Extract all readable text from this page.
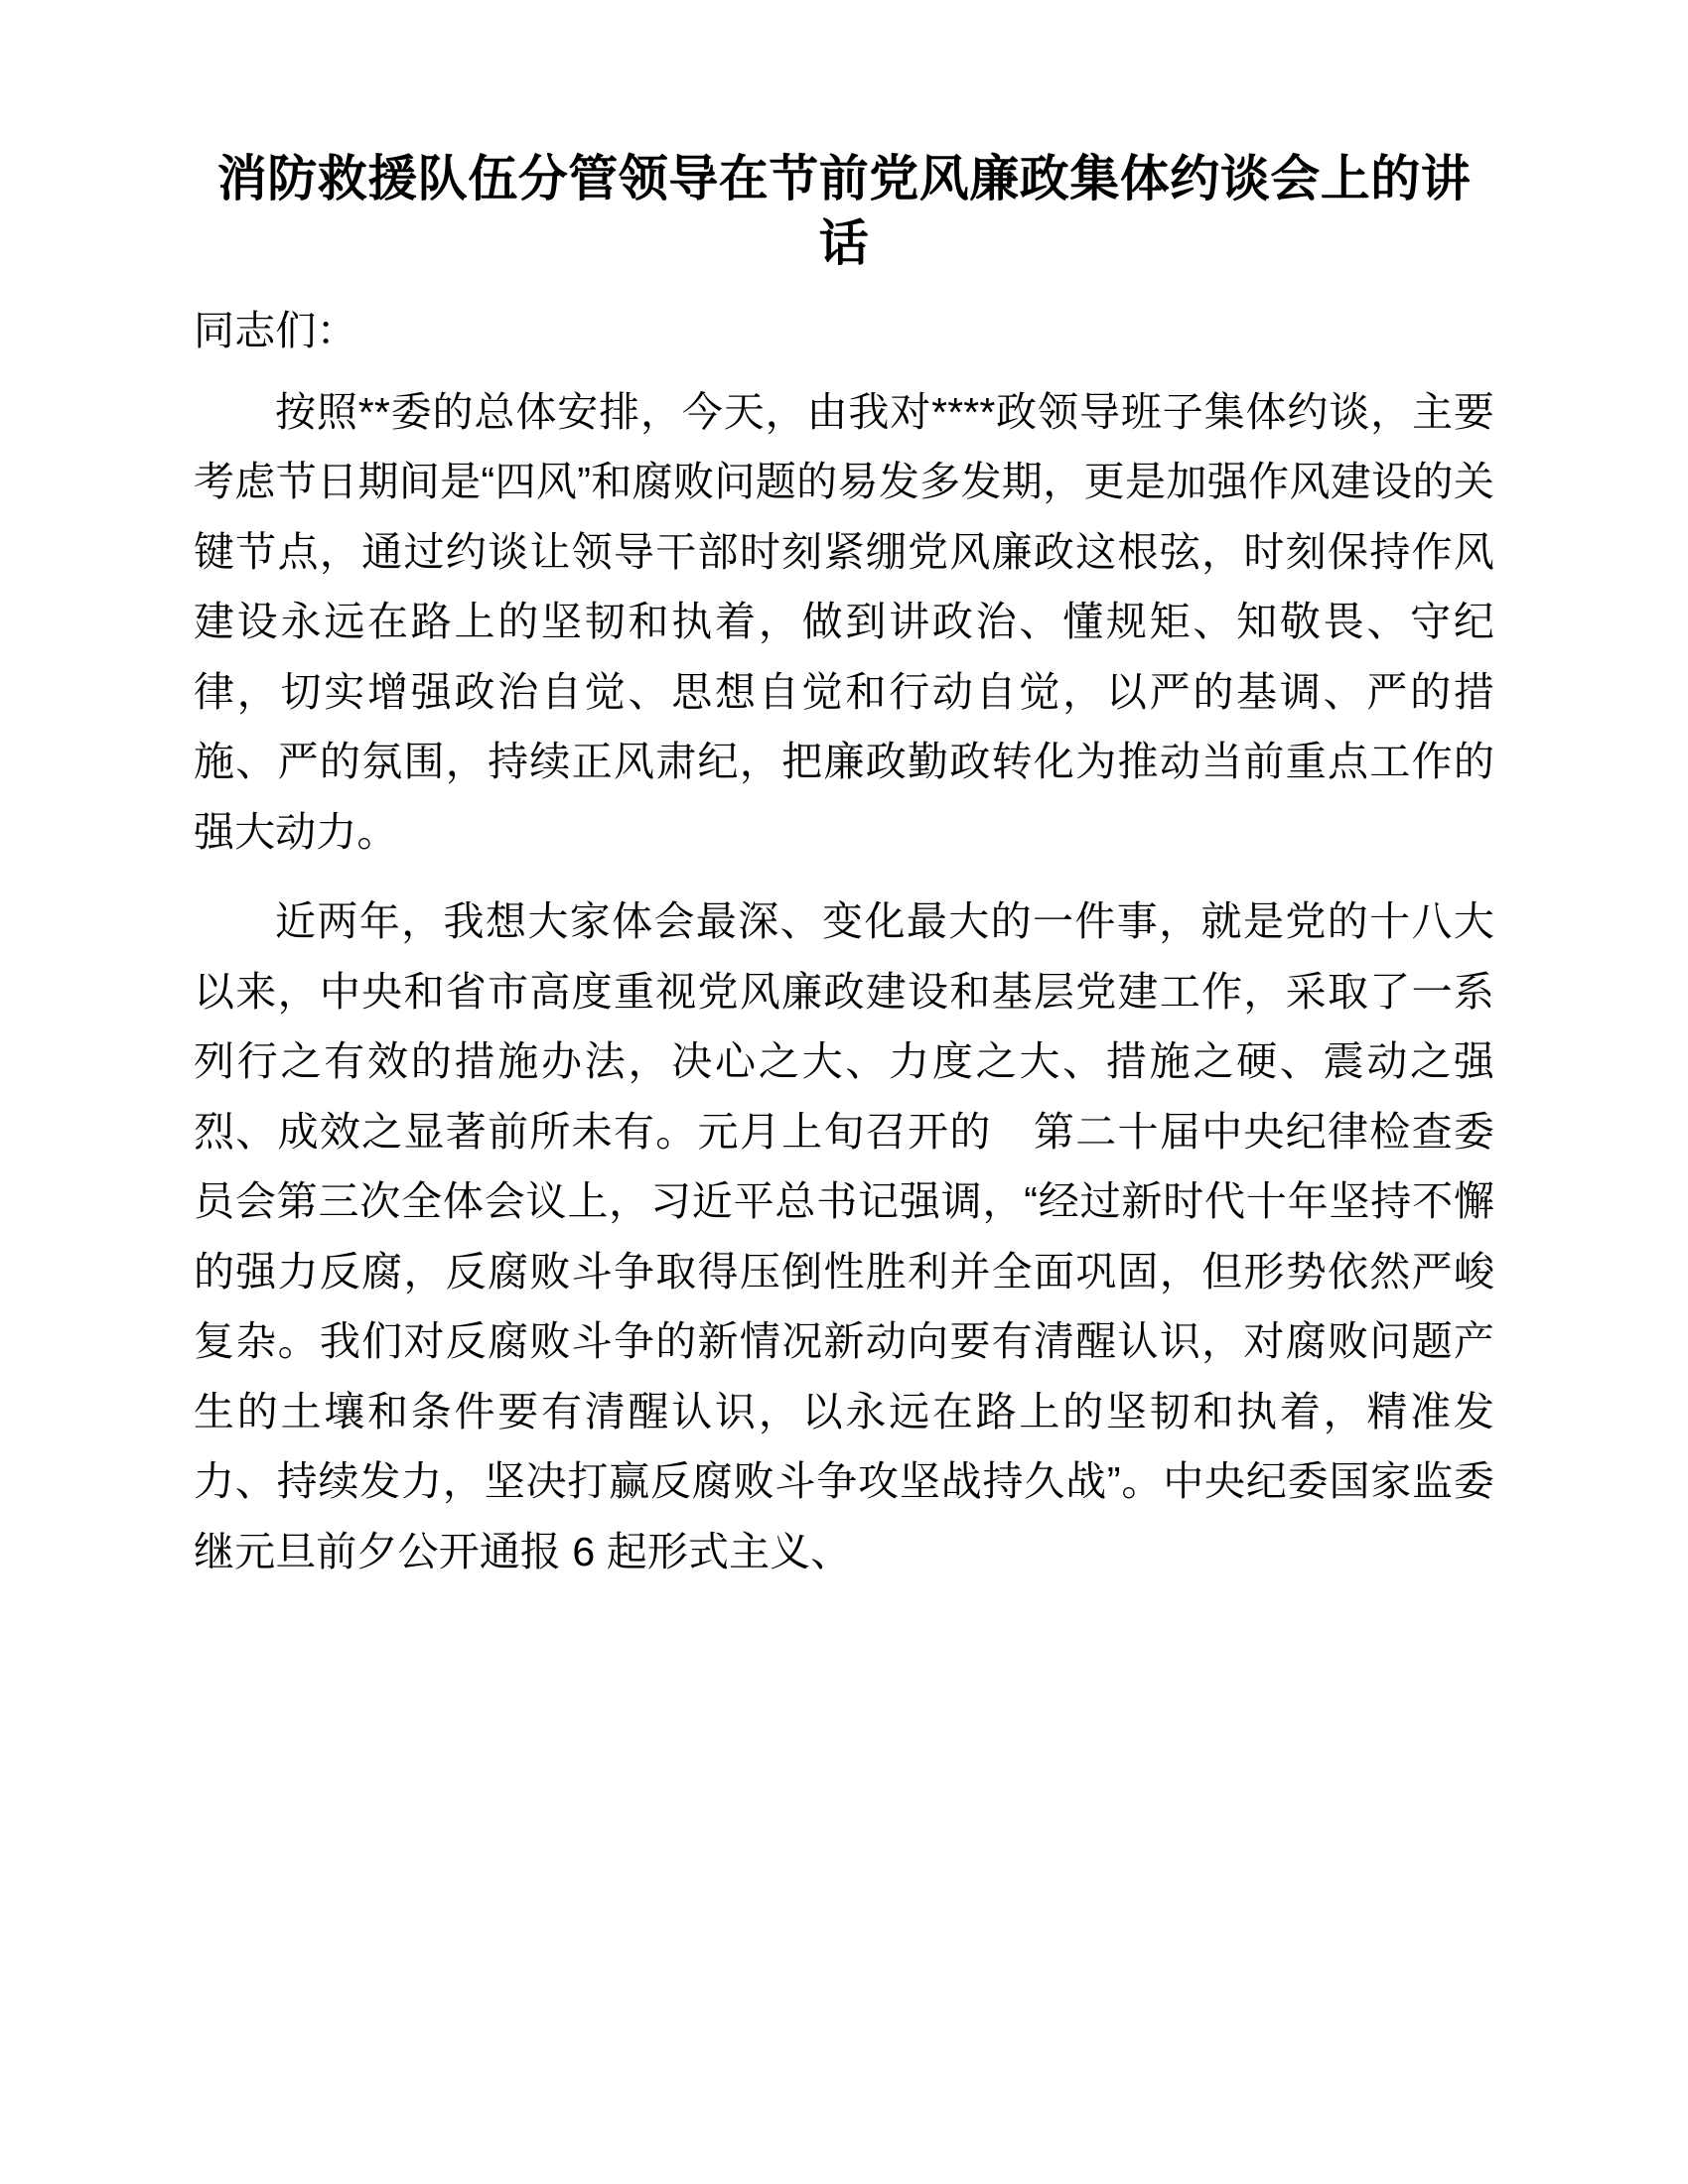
消防救援队伍分管领导在节前党风廉政集体约谈会上的讲话

同志们：

按照**委的总体安排，今天，由我对****政领导班子集体约谈，主要考虑节日期间是“四风”和腐败问题的易发多发期，更是加强作风建设的关键节点，通过约谈让领导干部时刻紧绷党风廉政这根弦，时刻保持作风建设永远在路上的坚韧和执着，做到讲政治、懂规矩、知敬畏、守纪律，切实增强政治自觉、思想自觉和行动自觉，以严的基调、严的措施、严的氛围，持续正风肃纪，把廉政勤政转化为推动当前重点工作的强大动力。

近两年，我想大家体会最深、变化最大的一件事，就是党的十八大以来，中央和省市高度重视党风廉政建设和基层党建工作，采取了一系列行之有效的措施办法，决心之大、力度之大、措施之硬、震动之强烈、成效之显著前所未有。元月上旬召开的　第二十届中央纪律检查委员会第三次全体会议上，习近平总书记强调，“经过新时代十年坚持不懈的强力反腐，反腐败斗争取得压倒性胜利并全面巩固，但形势依然严峻复杂。我们对反腐败斗争的新情况新动向要有清醒认识，对腐败问题产生的土壤和条件要有清醒认识，以永远在路上的坚韧和执着，精准发力、持续发力，坚决打赢反腐败斗争攻坚战持久战”。中央纪委国家监委继元旦前夕公开通报 6 起形式主义、
